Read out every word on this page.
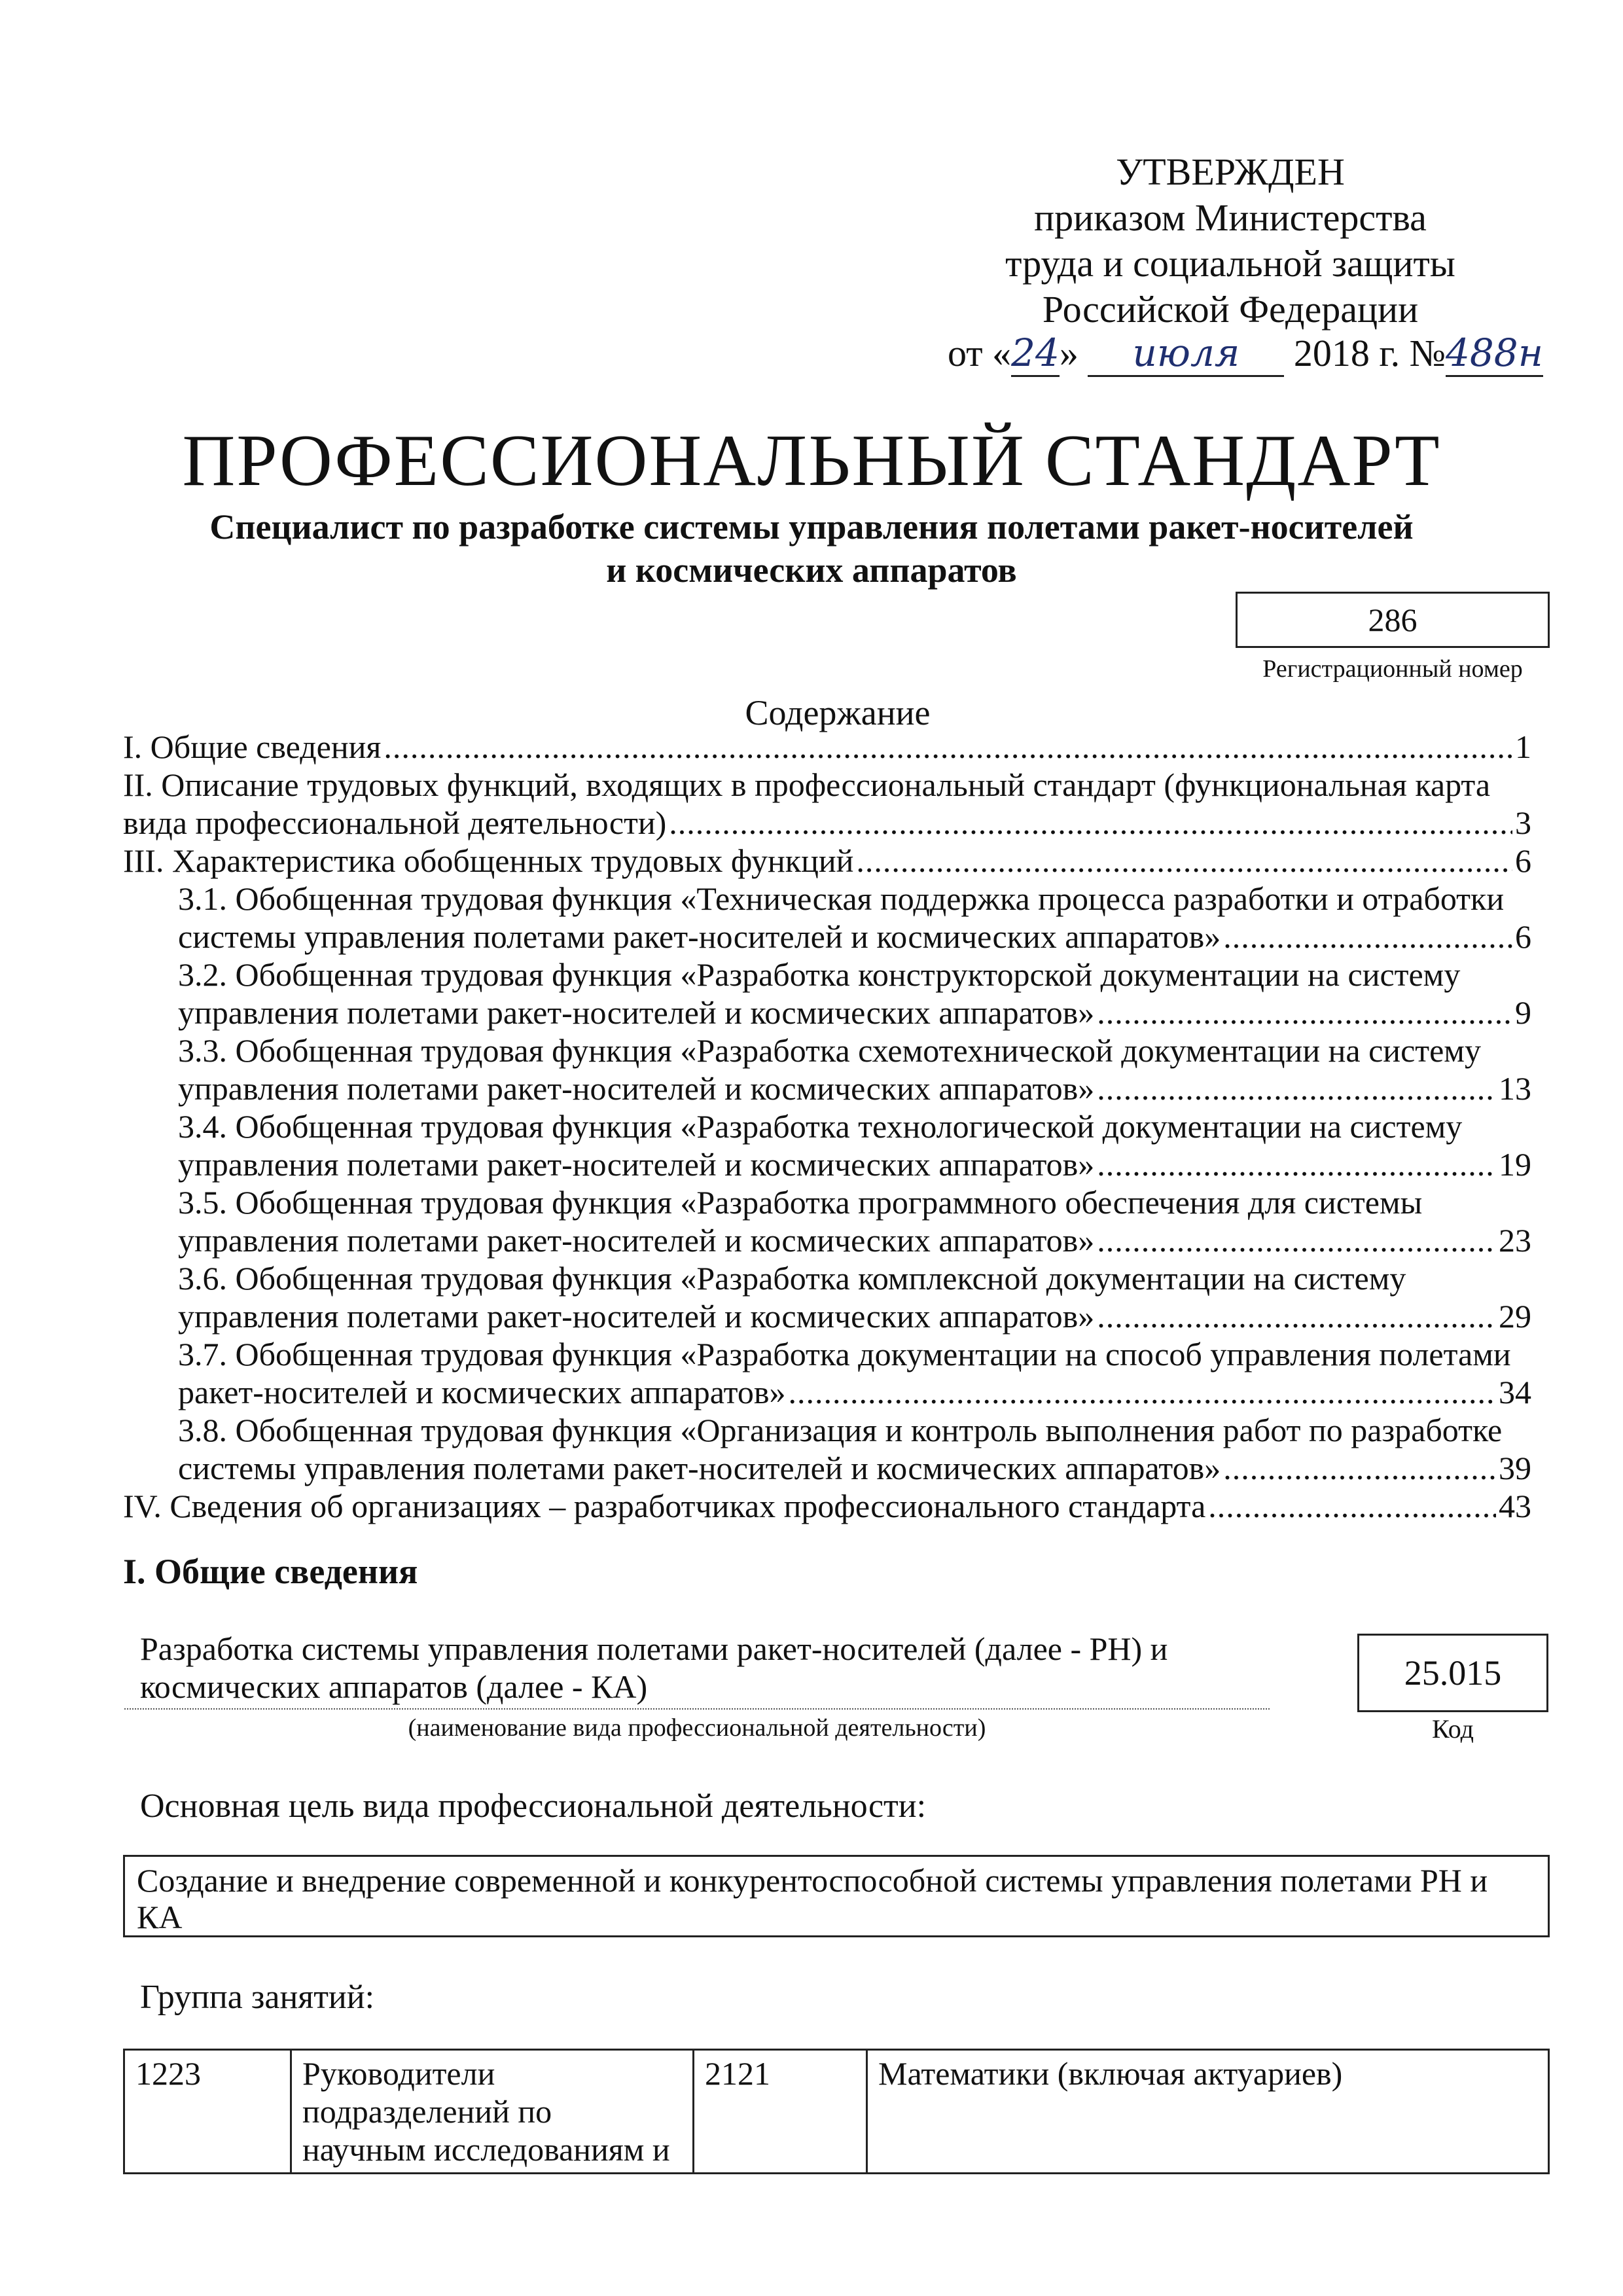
УТВЕРЖДЕН
приказом Министерства
труда и социальной защиты
Российской Федерации
от «24» июля 2018 г. №488н
ПРОФЕССИОНАЛЬНЫЙ СТАНДАРТ
Специалист по разработке системы управления полетами ракет-носителей
и космических аппаратов
286
Регистрационный номер
Содержание
I. Общие сведения .....	1
II. Описание трудовых функций, входящих в профессиональный стандарт (функциональная карта
вида профессиональной деятельности) .....	3
III. Характеристика обобщенных трудовых функций .....	6
3.1. Обобщенная трудовая функция «Техническая поддержка процесса разработки и отработки
системы управления полетами ракет-носителей и космических аппаратов» .....	6
3.2. Обобщенная трудовая функция «Разработка конструкторской документации на систему
управления полетами ракет-носителей и космических аппаратов» .....	9
3.3. Обобщенная трудовая функция «Разработка схемотехнической документации на систему
управления полетами ракет-носителей и космических аппаратов» .....	13
3.4. Обобщенная трудовая функция «Разработка технологической документации на систему
управления полетами ракет-носителей и космических аппаратов» .....	19
3.5. Обобщенная трудовая функция «Разработка программного обеспечения для системы
управления полетами ракет-носителей и космических аппаратов» .....	23
3.6. Обобщенная трудовая функция «Разработка комплексной документации на систему
управления полетами ракет-носителей и космических аппаратов» .....	29
3.7. Обобщенная трудовая функция «Разработка документации на способ управления полетами
ракет-носителей и космических аппаратов» .....	34
3.8. Обобщенная трудовая функция «Организация и контроль выполнения работ по разработке
системы управления полетами ракет-носителей и космических аппаратов» .....	39
IV. Сведения об организациях – разработчиках профессионального стандарта .....	43
I. Общие сведения
Разработка системы управления полетами ракет-носителей (далее - РН) и космических аппаратов (далее - КА)
(наименование вида профессиональной деятельности)
25.015
Код
Основная цель вида профессиональной деятельности:
Создание и внедрение современной и конкурентоспособной системы управления полетами РН и КА
Группа занятий:
1223	Руководители подразделений по научным исследованиям и	2121	Математики (включая актуариев)
